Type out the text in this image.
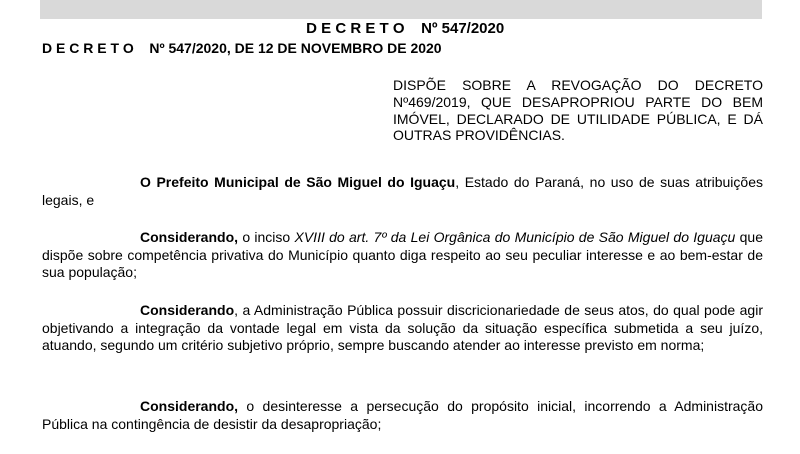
D E C R E T O    Nº 547/2020

D E C R E T O    Nº 547/2020, DE 12 DE NOVEMBRO DE 2020
DISPÕE SOBRE A REVOGAÇÃO DO DECRETO Nº469/2019, QUE DESAPROPRIOU PARTE DO BEM IMÓVEL, DECLARADO DE UTILIDADE PÚBLICA, E DÁ OUTRAS PROVIDÊNCIAS.

O Prefeito Municipal de São Miguel do Iguaçu, Estado do Paraná, no uso de suas atribuições legais, e

Considerando, o inciso XVIII do art. 7º da Lei Orgânica do Município de São Miguel do Iguaçu que dispõe sobre competência privativa do Município quanto diga respeito ao seu peculiar interesse e ao bem-estar de sua população;

Considerando, a Administração Pública possuir discricionariedade de seus atos, do qual pode agir objetivando a integração da vontade legal em vista da solução da situação específica submetida a seu juízo, atuando, segundo um critério subjetivo próprio, sempre buscando atender ao interesse previsto em norma;

Considerando, o desinteresse a persecução do propósito inicial, incorrendo a Administração Pública na contingência de desistir da desapropriação;
